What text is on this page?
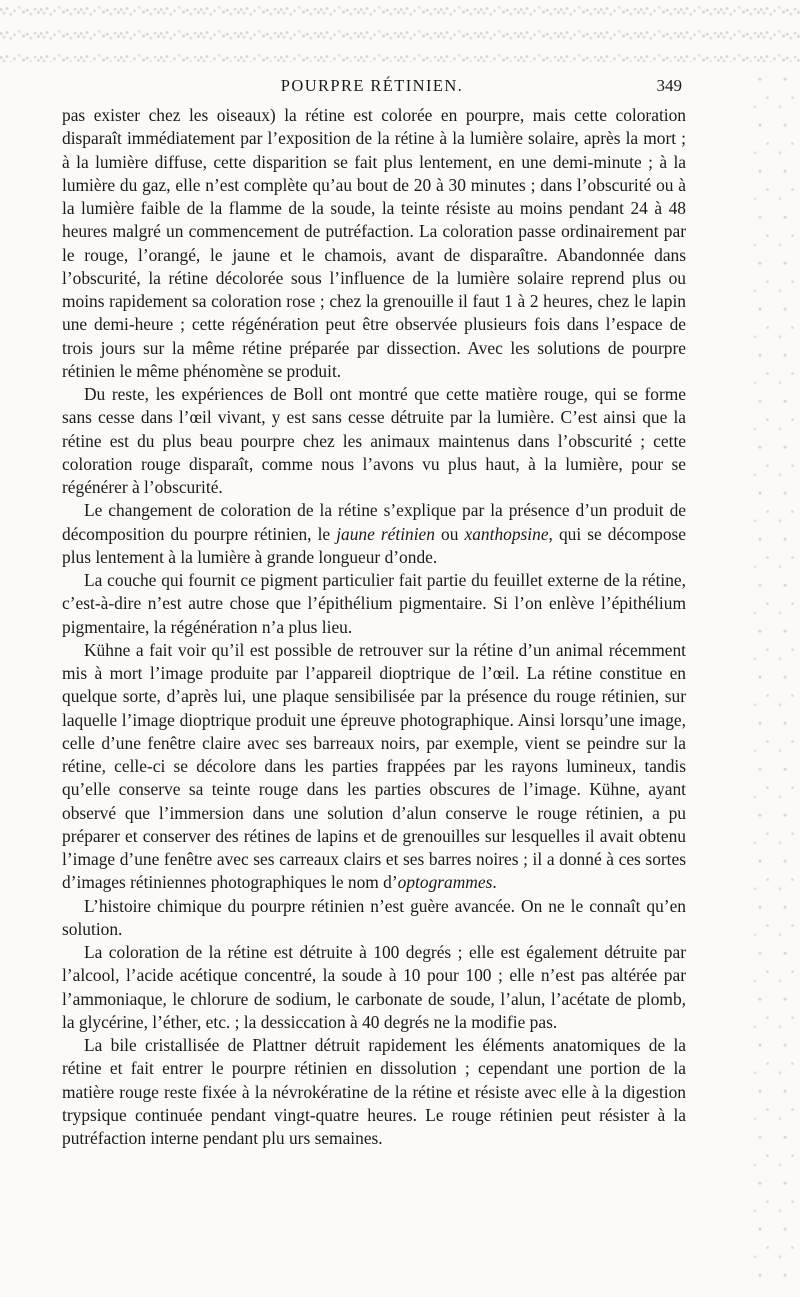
POURPRE RÉTINIEN.	349

pas exister chez les oiseaux) la rétine est colorée en pourpre, mais cette coloration disparaît immédiatement par l’exposition de la rétine à la lumière solaire, après la mort ; à la lumière diffuse, cette disparition se fait plus lentement, en une demi-minute ; à la lumière du gaz, elle n’est complète qu’au bout de 20 à 30 minutes ; dans l’obscurité ou à la lumière faible de la flamme de la soude, la teinte résiste au moins pendant 24 à 48 heures malgré un commencement de putréfaction. La coloration passe ordinairement par le rouge, l’orangé, le jaune et le chamois, avant de disparaître. Abandonnée dans l’obscurité, la rétine décolorée sous l’influence de la lumière solaire reprend plus ou moins rapidement sa coloration rose ; chez la grenouille il faut 1 à 2 heures, chez le lapin une demi-heure ; cette régénération peut être observée plusieurs fois dans l’espace de trois jours sur la même rétine préparée par dissection. Avec les solutions de pourpre rétinien le même phénomène se produit.

Du reste, les expériences de Boll ont montré que cette matière rouge, qui se forme sans cesse dans l’œil vivant, y est sans cesse détruite par la lumière. C’est ainsi que la rétine est du plus beau pourpre chez les animaux maintenus dans l’obscurité ; cette coloration rouge disparaît, comme nous l’avons vu plus haut, à la lumière, pour se régénérer à l’obscurité.

Le changement de coloration de la rétine s’explique par la présence d’un produit de décomposition du pourpre rétinien, le jaune rétinien ou xanthopsine, qui se décompose plus lentement à la lumière à grande longueur d’onde.

La couche qui fournit ce pigment particulier fait partie du feuillet externe de la rétine, c’est-à-dire n’est autre chose que l’épithélium pigmentaire. Si l’on enlève l’épithélium pigmentaire, la régénération n’a plus lieu.

Kühne a fait voir qu’il est possible de retrouver sur la rétine d’un animal récemment mis à mort l’image produite par l’appareil dioptrique de l’œil. La rétine constitue en quelque sorte, d’après lui, une plaque sensibilisée par la présence du rouge rétinien, sur laquelle l’image dioptrique produit une épreuve photographique. Ainsi lorsqu’une image, celle d’une fenêtre claire avec ses barreaux noirs, par exemple, vient se peindre sur la rétine, celle-ci se décolore dans les parties frappées par les rayons lumineux, tandis qu’elle conserve sa teinte rouge dans les parties obscures de l’image. Kühne, ayant observé que l’immersion dans une solution d’alun conserve le rouge rétinien, a pu préparer et conserver des rétines de lapins et de grenouilles sur lesquelles il avait obtenu l’image d’une fenêtre avec ses carreaux clairs et ses barres noires ; il a donné à ces sortes d’images rétiniennes photographiques le nom d’optogrammes.

L’histoire chimique du pourpre rétinien n’est guère avancée. On ne le connaît qu’en solution.

La coloration de la rétine est détruite à 100 degrés ; elle est également détruite par l’alcool, l’acide acétique concentré, la soude à 10 pour 100 ; elle n’est pas altérée par l’ammoniaque, le chlorure de sodium, le carbonate de soude, l’alun, l’acétate de plomb, la glycérine, l’éther, etc. ; la dessiccation à 40 degrés ne la modifie pas.

La bile cristallisée de Plattner détruit rapidement les éléments anatomiques de la rétine et fait entrer le pourpre rétinien en dissolution ; cependant une portion de la matière rouge reste fixée à la névrokératine de la rétine et résiste avec elle à la digestion trypsique continuée pendant vingt-quatre heures. Le rouge rétinien peut résister à la putréfaction interne pendant plu urs semaines.
